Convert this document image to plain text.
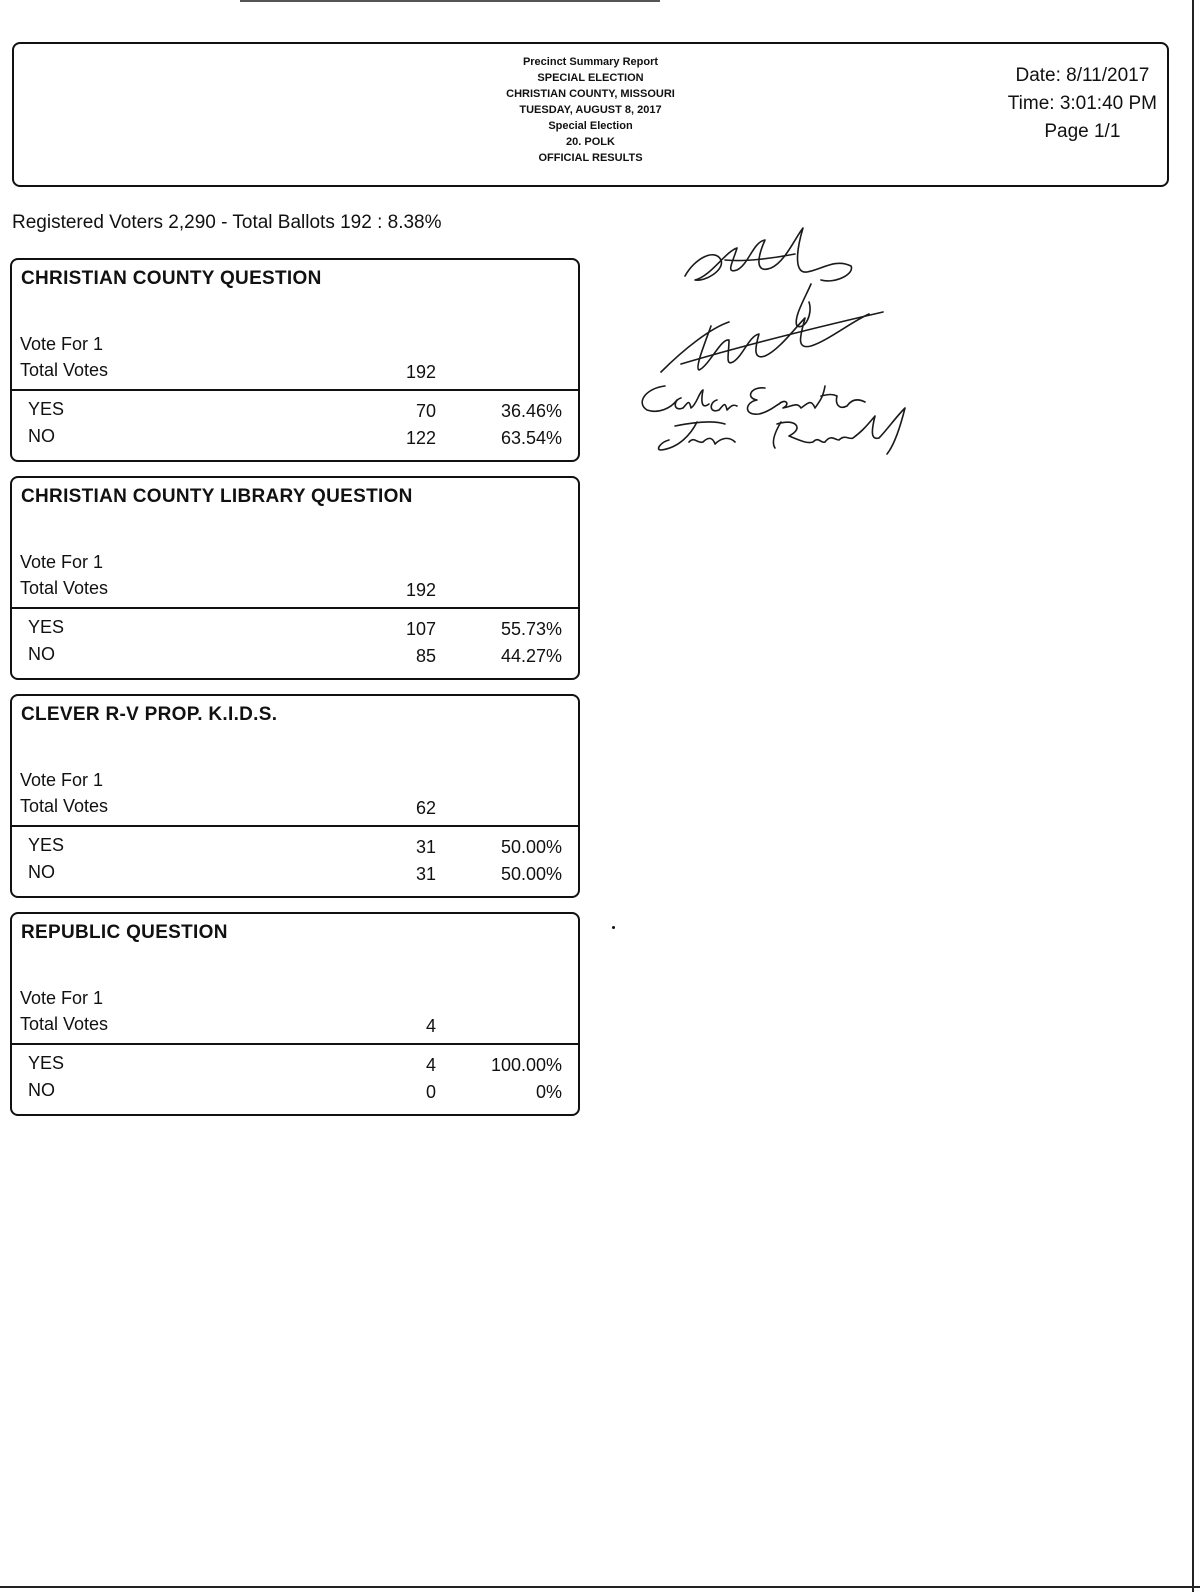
Precinct Summary Report
SPECIAL ELECTION
CHRISTIAN COUNTY, MISSOURI
TUESDAY, AUGUST 8, 2017
Special Election
20. POLK
OFFICIAL RESULTS
Date: 8/11/2017
Time: 3:01:40 PM
Page 1/1
Registered Voters 2,290 - Total Ballots 192 : 8.38%
CHRISTIAN COUNTY QUESTION
Vote For 1
Total Votes	192
YES	70	36.46%
NO	122	63.54%
CHRISTIAN COUNTY LIBRARY QUESTION
Vote For 1
Total Votes	192
YES	107	55.73%
NO	85	44.27%
CLEVER R-V PROP. K.I.D.S.
Vote For 1
Total Votes	62
YES	31	50.00%
NO	31	50.00%
REPUBLIC QUESTION
Vote For 1
Total Votes	4
YES	4	100.00%
NO	0	0%
